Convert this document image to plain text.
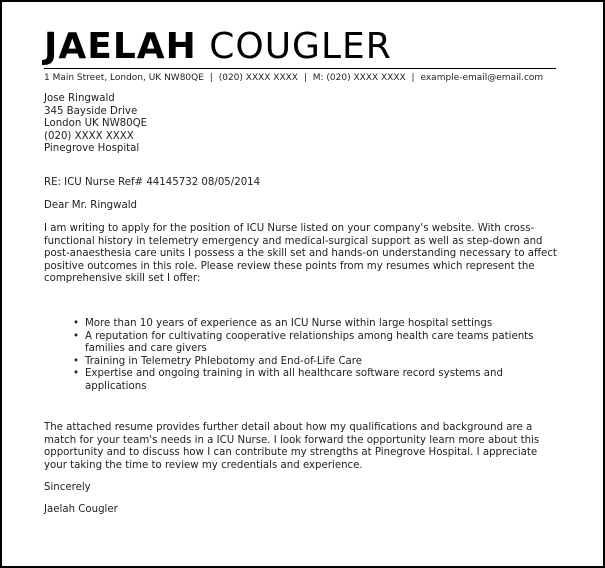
JAELAH COUGLER
1 Main Street, London, UK NW80QE | (020) XXXX XXXX | M: (020) XXXX XXXX | example-email@email.com
Jose Ringwald
345 Bayside Drive
London UK NW80QE
(020) XXXX XXXX
Pinegrove Hospital
RE: ICU Nurse Ref# 44145732 08/05/2014
Dear Mr. Ringwald

I am writing to apply for the position of ICU Nurse listed on your company's website. With cross-functional history in telemetry emergency and medical-surgical support as well as step-down and post-anaesthesia care units I possess a the skill set and hands-on understanding necessary to affect positive outcomes in this role. Please review these points from my resumes which represent the comprehensive skill set I offer:

• More than 10 years of experience as an ICU Nurse within large hospital settings
• A reputation for cultivating cooperative relationships among health care teams patients families and care givers
• Training in Telemetry Phlebotomy and End-of-Life Care
• Expertise and ongoing training in with all healthcare software record systems and applications

The attached resume provides further detail about how my qualifications and background are a match for your team's needs in a ICU Nurse. I look forward the opportunity learn more about this opportunity and to discuss how I can contribute my strengths at Pinegrove Hospital. I appreciate your taking the time to review my credentials and experience.

Sincerely
Jaelah Cougler
